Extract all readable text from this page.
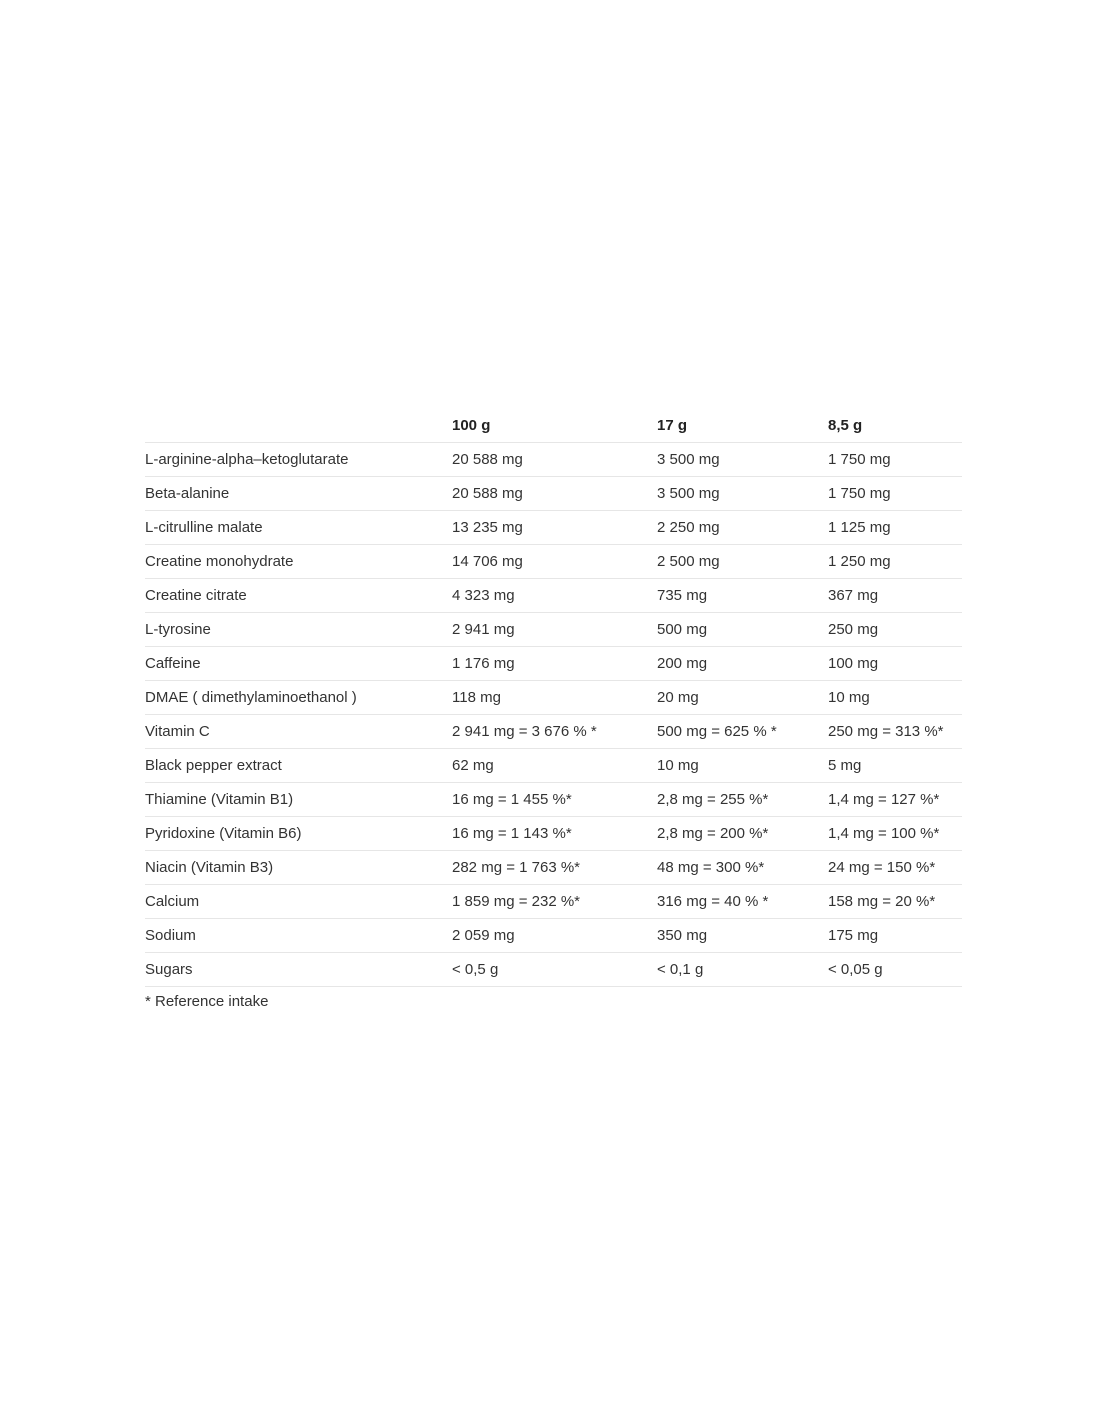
	100 g	17 g	8,5 g
L-arginine-alpha–ketoglutarate	20 588 mg	3 500 mg	1 750 mg
Beta-alanine	20 588 mg	3 500 mg	1 750 mg
L-citrulline malate	13 235 mg	2 250 mg	1 125 mg
Creatine monohydrate	14 706 mg	2 500 mg	1 250 mg
Creatine citrate	4 323 mg	735 mg	367 mg
L-tyrosine	2 941 mg	500 mg	250 mg
Caffeine	1 176 mg	200 mg	100 mg
DMAE ( dimethylaminoethanol )	118 mg	20 mg	10 mg
Vitamin C	2 941 mg = 3 676 % *	500 mg = 625 % *	250 mg = 313 %*
Black pepper extract	62 mg	10 mg	5 mg
Thiamine (Vitamin B1)	16 mg = 1 455 %*	2,8 mg = 255 %*	1,4 mg = 127 %*
Pyridoxine (Vitamin B6)	16 mg = 1 143 %*	2,8 mg = 200 %*	1,4 mg = 100 %*
Niacin (Vitamin B3)	282 mg = 1 763 %*	48 mg = 300 %*	24 mg = 150 %*
Calcium	1 859 mg = 232 %*	316 mg = 40 % *	158 mg = 20 %*
Sodium	2 059 mg	350 mg	175 mg
Sugars	< 0,5 g	< 0,1 g	< 0,05 g
* Reference intake
